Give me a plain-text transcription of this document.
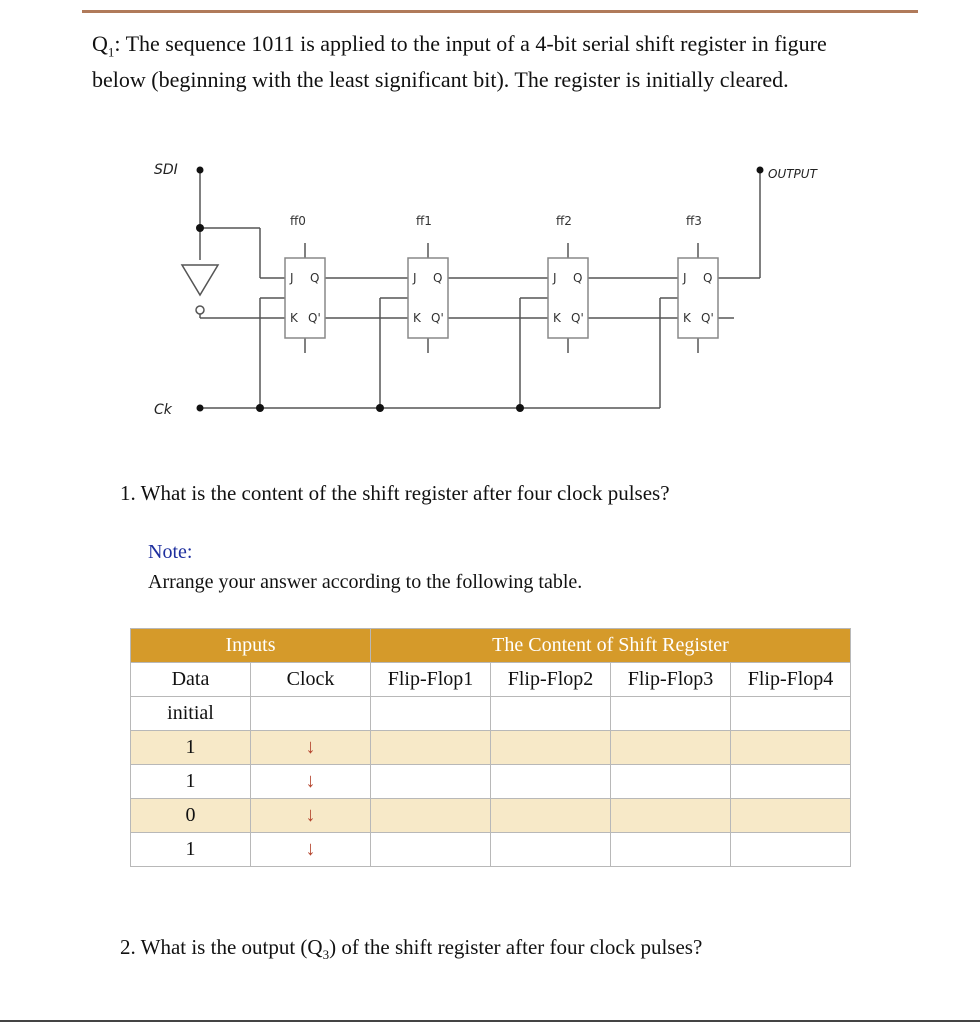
$Q_1$: The sequence 1011 is applied to the input of a 4-bit serial shift register in figure
below (beginning with the least significant bit). The register is initially cleared.
SDI	OUTPUT
Ck
ff0	ff1	ff2	ff3
J Q
K Q'
J Q
K Q'
J Q
K Q'
J Q
K Q'
1. What is the content of the shift register after four clock pulses?
Note:
Arrange your answer according to the following table.
Inputs		The Content of Shift Register			
Data	Clock	Flip-Flop1	Flip-Flop2	Flip-Flop3	Flip-Flop4
initial					
1	↓				
1	↓				
0	↓				
1	↓				
2. What is the output $(Q_3)$ of the shift register after four clock pulses?
